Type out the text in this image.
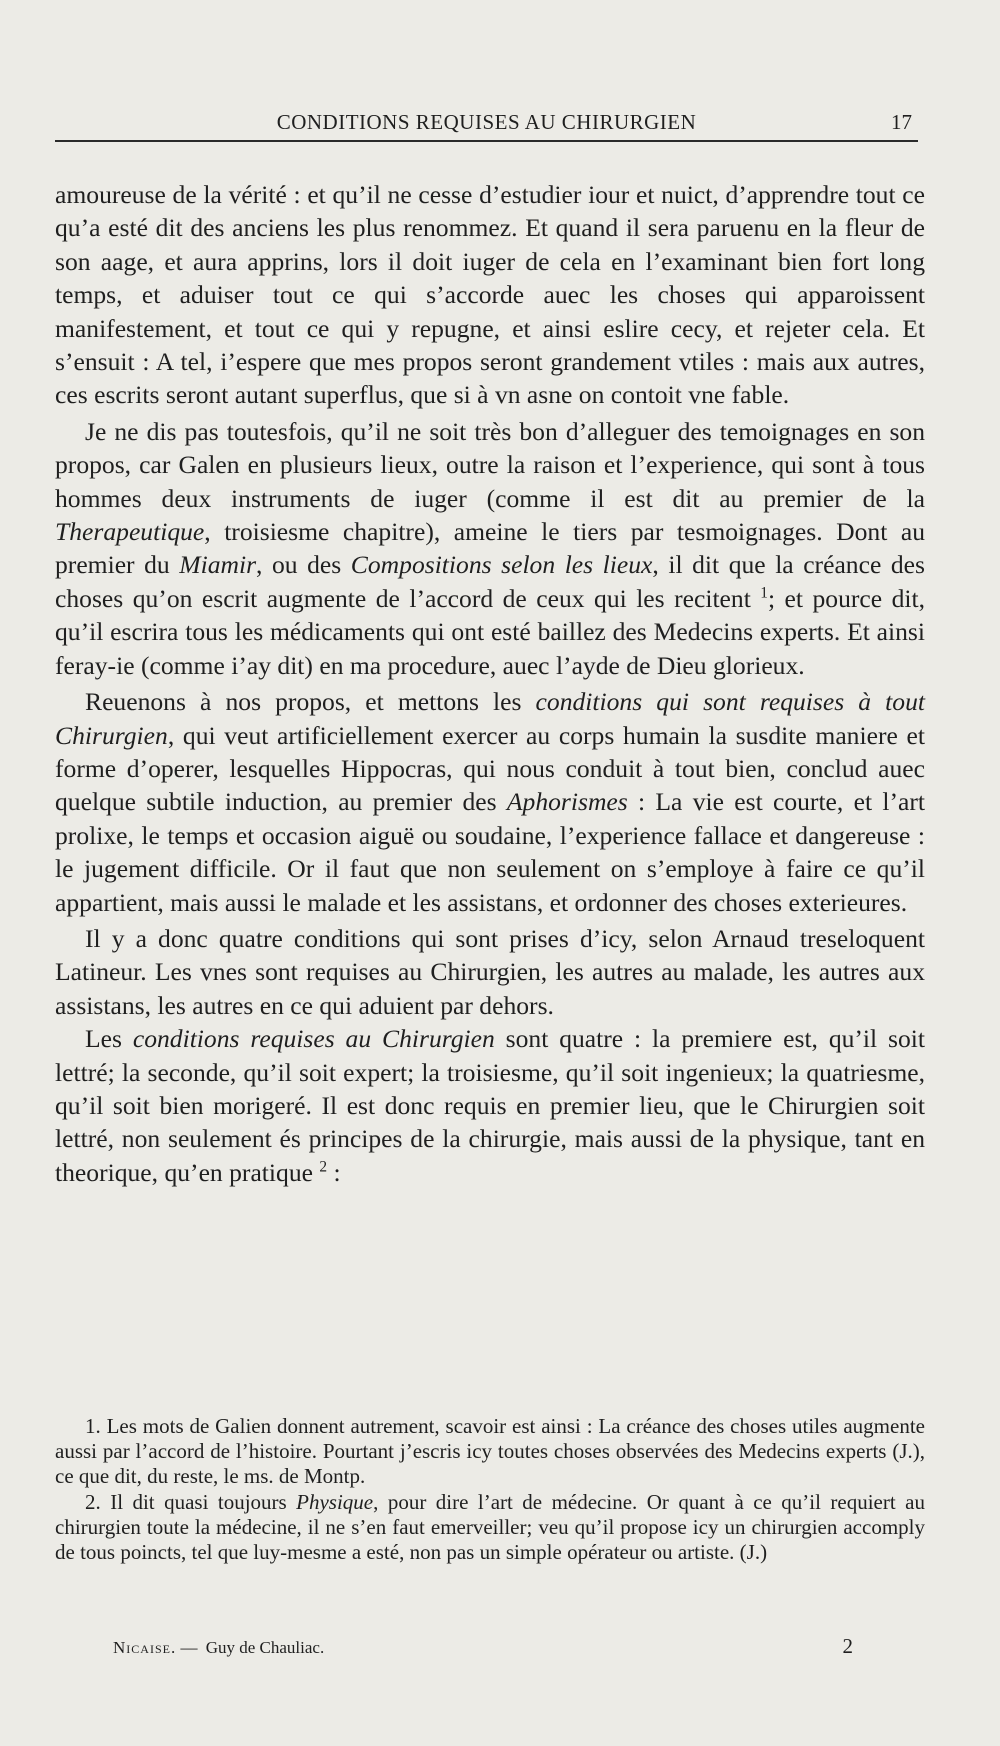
CONDITIONS REQUISES AU CHIRURGIEN	17

amoureuse de la vérité : et qu’il ne cesse d’estudier iour et nuict, d’apprendre tout ce qu’a esté dit des anciens les plus renommez. Et quand il sera paruenu en la fleur de son aage, et aura apprins, lors il doit iuger de cela en l’examinant bien fort long temps, et aduiser tout ce qui s’accorde auec les choses qui apparoissent manifestement, et tout ce qui y repugne, et ainsi eslire cecy, et rejeter cela. Et s’ensuit : A tel, i’espere que mes propos seront grandement vtiles : mais aux autres, ces escrits seront autant superflus, que si à vn asne on contoit vne fable.

Je ne dis pas toutesfois, qu’il ne soit très bon d’alleguer des temoignages en son propos, car Galen en plusieurs lieux, outre la raison et l’experience, qui sont à tous hommes deux instruments de iuger (comme il est dit au premier de la Therapeutique, troisiesme chapitre), ameine le tiers par tesmoignages. Dont au premier du Miamir, ou des Compositions selon les lieux, il dit que la créance des choses qu’on escrit augmente de l’accord de ceux qui les recitent $^1$; et pource dit, qu’il escrira tous les médicaments qui ont esté baillez des Medecins experts. Et ainsi feray-ie (comme i’ay dit) en ma procedure, auec l’ayde de Dieu glorieux.

Reuenons à nos propos, et mettons les conditions qui sont requises à tout Chirurgien, qui veut artificiellement exercer au corps humain la susdite maniere et forme d’operer, lesquelles Hippocras, qui nous conduit à tout bien, conclud auec quelque subtile induction, au premier des Aphorismes : La vie est courte, et l’art prolixe, le temps et occasion aiguë ou soudaine, l’experience fallace et dangereuse : le jugement difficile. Or il faut que non seulement on s’employe à faire ce qu’il appartient, mais aussi le malade et les assistans, et ordonner des choses exterieures.

Il y a donc quatre conditions qui sont prises d’icy, selon Arnaud treseloquent Latineur. Les vnes sont requises au Chirurgien, les autres au malade, les autres aux assistans, les autres en ce qui aduient par dehors.

Les conditions requises au Chirurgien sont quatre : la premiere est, qu’il soit lettré; la seconde, qu’il soit expert; la troisiesme, qu’il soit ingenieux; la quatriesme, qu’il soit bien morigeré. Il est donc requis en premier lieu, que le Chirurgien soit lettré, non seulement és principes de la chirurgie, mais aussi de la physique, tant en theorique, qu’en pratique $^2$ :

1. Les mots de Galien donnent autrement, scavoir est ainsi : La créance des choses utiles augmente aussi par l’accord de l’histoire. Pourtant j’escris icy toutes choses observées des Medecins experts (J.), ce que dit, du reste, le ms. de Montp.

2. Il dit quasi toujours Physique, pour dire l’art de médecine. Or quant à ce qu’il requiert au chirurgien toute la médecine, il ne s’en faut emerveiller; veu qu’il propose icy un chirurgien accomply de tous poincts, tel que luy-mesme a esté, non pas un simple opérateur ou artiste. (J.)

Nicaise. — Guy de Chauliac.	2
